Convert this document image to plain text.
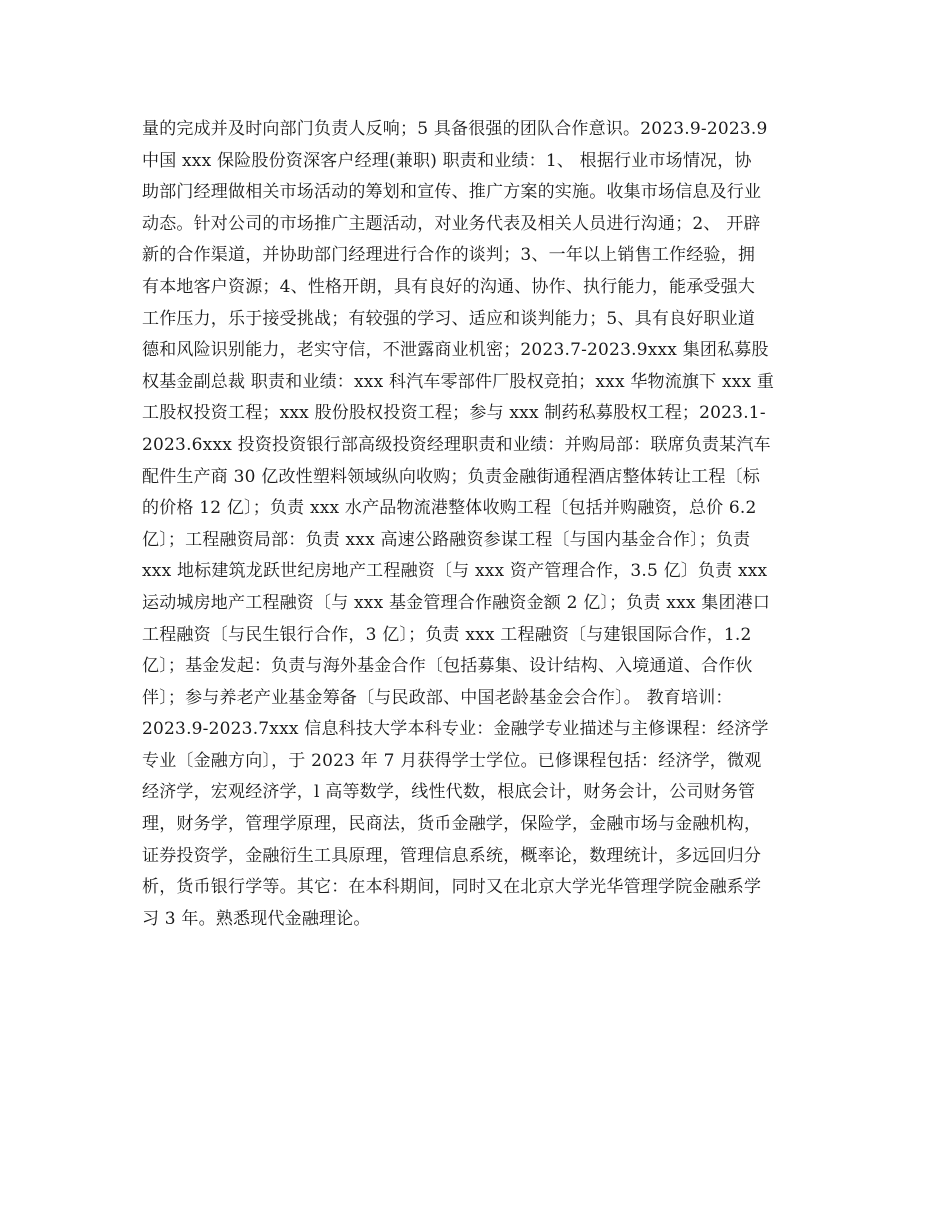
量的完成并及时向部门负责人反响；5 具备很强的团队合作意识。2023.9-2023.9
中国 xxx 保险股份资深客户经理(兼职) 职责和业绩：1、 根据行业市场情况，协
助部门经理做相关市场活动的筹划和宣传、推广方案的实施。收集市场信息及行业
动态。针对公司的市场推广主题活动，对业务代表及相关人员进行沟通；2、 开辟
新的合作渠道，并协助部门经理进行合作的谈判；3、一年以上销售工作经验，拥
有本地客户资源；4、性格开朗，具有良好的沟通、协作、执行能力，能承受强大
工作压力，乐于接受挑战；有较强的学习、适应和谈判能力；5、具有良好职业道
德和风险识别能力，老实守信，不泄露商业机密；2023.7-2023.9xxx 集团私募股
权基金副总裁 职责和业绩：xxx 科汽车零部件厂股权竞拍；xxx 华物流旗下 xxx 重
工股权投资工程；xxx 股份股权投资工程；参与 xxx 制药私募股权工程；2023.1-
2023.6xxx 投资投资银行部高级投资经理职责和业绩：并购局部：联席负责某汽车
配件生产商 30 亿改性塑料领域纵向收购；负责金融街通程酒店整体转让工程〔标
的价格 12 亿〕；负责 xxx 水产品物流港整体收购工程〔包括并购融资，总价 6.2
亿〕；工程融资局部：负责 xxx 高速公路融资参谋工程〔与国内基金合作〕；负责
xxx 地标建筑龙跃世纪房地产工程融资〔与 xxx 资产管理合作，3.5 亿〕负责 xxx
运动城房地产工程融资〔与 xxx 基金管理合作融资金额 2 亿〕；负责 xxx 集团港口
工程融资〔与民生银行合作，3 亿〕；负责 xxx 工程融资〔与建银国际合作，1.2
亿〕；基金发起：负责与海外基金合作〔包括募集、设计结构、入境通道、合作伙
伴〕；参与养老产业基金筹备〔与民政部、中国老龄基金会合作〕。 教育培训：
2023.9-2023.7xxx 信息科技大学本科专业：金融学专业描述与主修课程：经济学
专业〔金融方向〕，于 2023 年 7 月获得学士学位。已修课程包括：经济学，微观
经济学，宏观经济学，l 高等数学，线性代数，根底会计，财务会计，公司财务管
理，财务学，管理学原理，民商法，货币金融学，保险学，金融市场与金融机构，
证券投资学，金融衍生工具原理，管理信息系统，概率论，数理统计，多远回归分
析，货币银行学等。其它：在本科期间，同时又在北京大学光华管理学院金融系学
习 3 年。熟悉现代金融理论。
